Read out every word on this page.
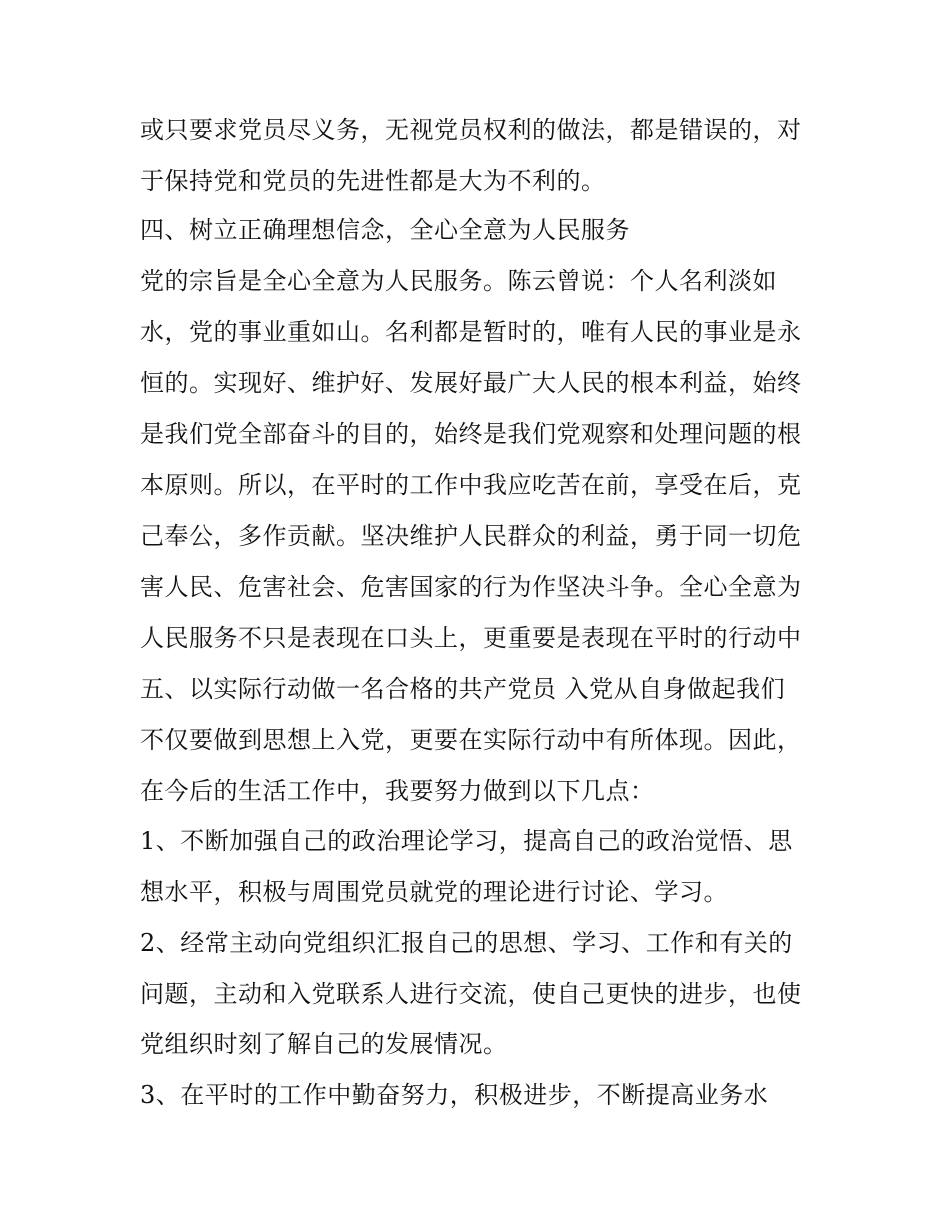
或只要求党员尽义务，无视党员权利的做法，都是错误的，对
于保持党和党员的先进性都是大为不利的。
四、树立正确理想信念，全心全意为人民服务
党的宗旨是全心全意为人民服务。陈云曾说：个人名利淡如
水，党的事业重如山。名利都是暂时的，唯有人民的事业是永
恒的。实现好、维护好、发展好最广大人民的根本利益，始终
是我们党全部奋斗的目的，始终是我们党观察和处理问题的根
本原则。所以，在平时的工作中我应吃苦在前，享受在后，克
己奉公，多作贡献。坚决维护人民群众的利益，勇于同一切危
害人民、危害社会、危害国家的行为作坚决斗争。全心全意为
人民服务不只是表现在口头上，更重要是表现在平时的行动中
五、以实际行动做一名合格的共产党员 入党从自身做起我们
不仅要做到思想上入党，更要在实际行动中有所体现。因此，
在今后的生活工作中，我要努力做到以下几点：
1、不断加强自己的政治理论学习，提高自己的政治觉悟、思
想水平，积极与周围党员就党的理论进行讨论、学习。
2、经常主动向党组织汇报自己的思想、学习、工作和有关的
问题，主动和入党联系人进行交流，使自己更快的进步，也使
党组织时刻了解自己的发展情况。
3、在平时的工作中勤奋努力，积极进步，不断提高业务水
